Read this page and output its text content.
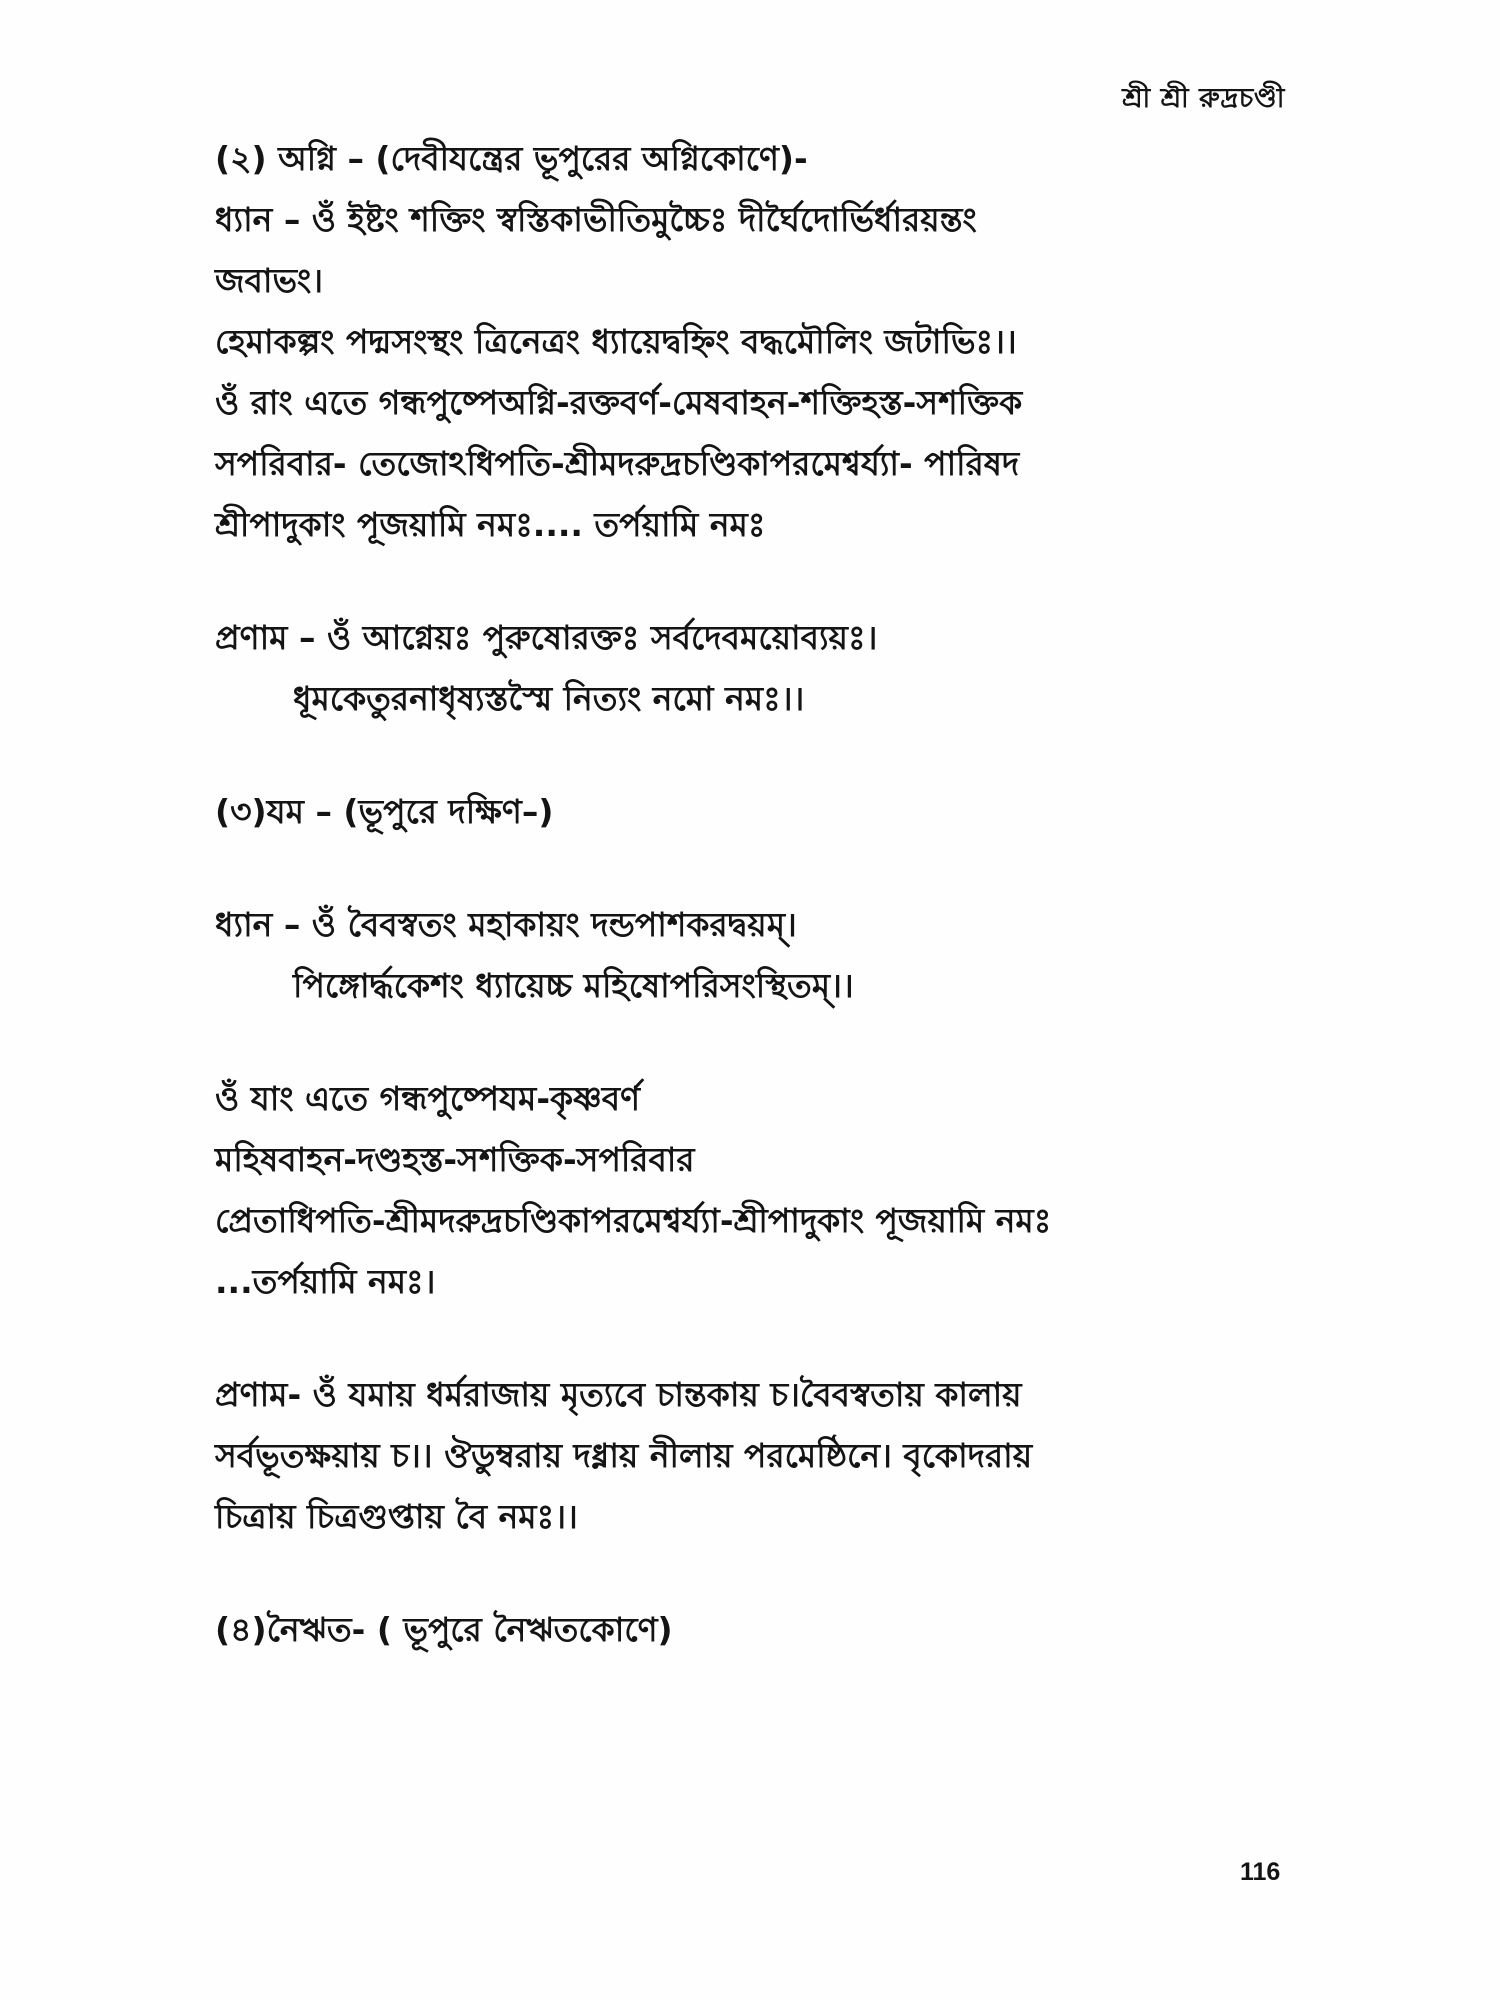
শ্রী শ্রী রুদ্রচণ্ডী
(২) অগ্নি – (দেবীযন্ত্রের ভূপুরের অগ্নিকোণে)-
ধ্যান – ওঁ ইষ্টং শক্তিং স্বস্তিকাভীতিমুচ্চৈঃ দীর্ঘৈদোর্ভির্ধারয়ন্তং
জবাভং।
হেমাকল্পং পদ্মসংস্থং ত্রিনেত্রং ধ্যায়েদ্বহ্নিং বদ্ধমৌলিং জটাভিঃ।।
ওঁ রাং এতে গন্ধপুষ্পেঅগ্নি-রক্তবর্ণ-মেষবাহন-শক্তিহস্ত-সশক্তিক
সপরিবার- তেজোঽধিপতি-শ্রীমদরুদ্রচণ্ডিকাপরমেশ্বর্য্যা- পারিষদ
শ্রীপাদুকাং পূজয়ামি নমঃ.... তর্পয়ামি নমঃ
প্রণাম – ওঁ আগ্নেয়ঃ পুরুষোরক্তঃ সর্বদেবময়োব্যয়ঃ।
ধূমকেতুরনাধৃষ্যস্তস্মৈ নিত্যং নমো নমঃ।।
(৩)যম – (ভূপুরে দক্ষিণ–)
ধ্যান – ওঁ বৈবস্বতং মহাকায়ং দন্ডপাশকরদ্বয়ম্।
পিঙ্গোর্দ্ধকেশং ধ্যায়েচ্চ মহিষোপরিসংস্থিতম্।।
ওঁ যাং এতে গন্ধপুষ্পেযম-কৃষ্ণবর্ণ
মহিষবাহন-দণ্ডহস্ত-সশক্তিক-সপরিবার
প্রেতাধিপতি-শ্রীমদরুদ্রচণ্ডিকাপরমেশ্বর্য্যা-শ্রীপাদুকাং পূজয়ামি নমঃ
...তর্পয়ামি নমঃ।
প্রণাম- ওঁ যমায় ধর্মরাজায় মৃত্যবে চান্তকায় চ।বৈবস্বতায় কালায়
সর্বভূতক্ষয়ায় চ।। ঔডুম্বরায় দধ্নায় নীলায় পরমেষ্ঠিনে। বৃকোদরায়
চিত্রায় চিত্রগুপ্তায় বৈ নমঃ।।
(৪)নৈঋত- ( ভূপুরে নৈঋতকোণে)
116
